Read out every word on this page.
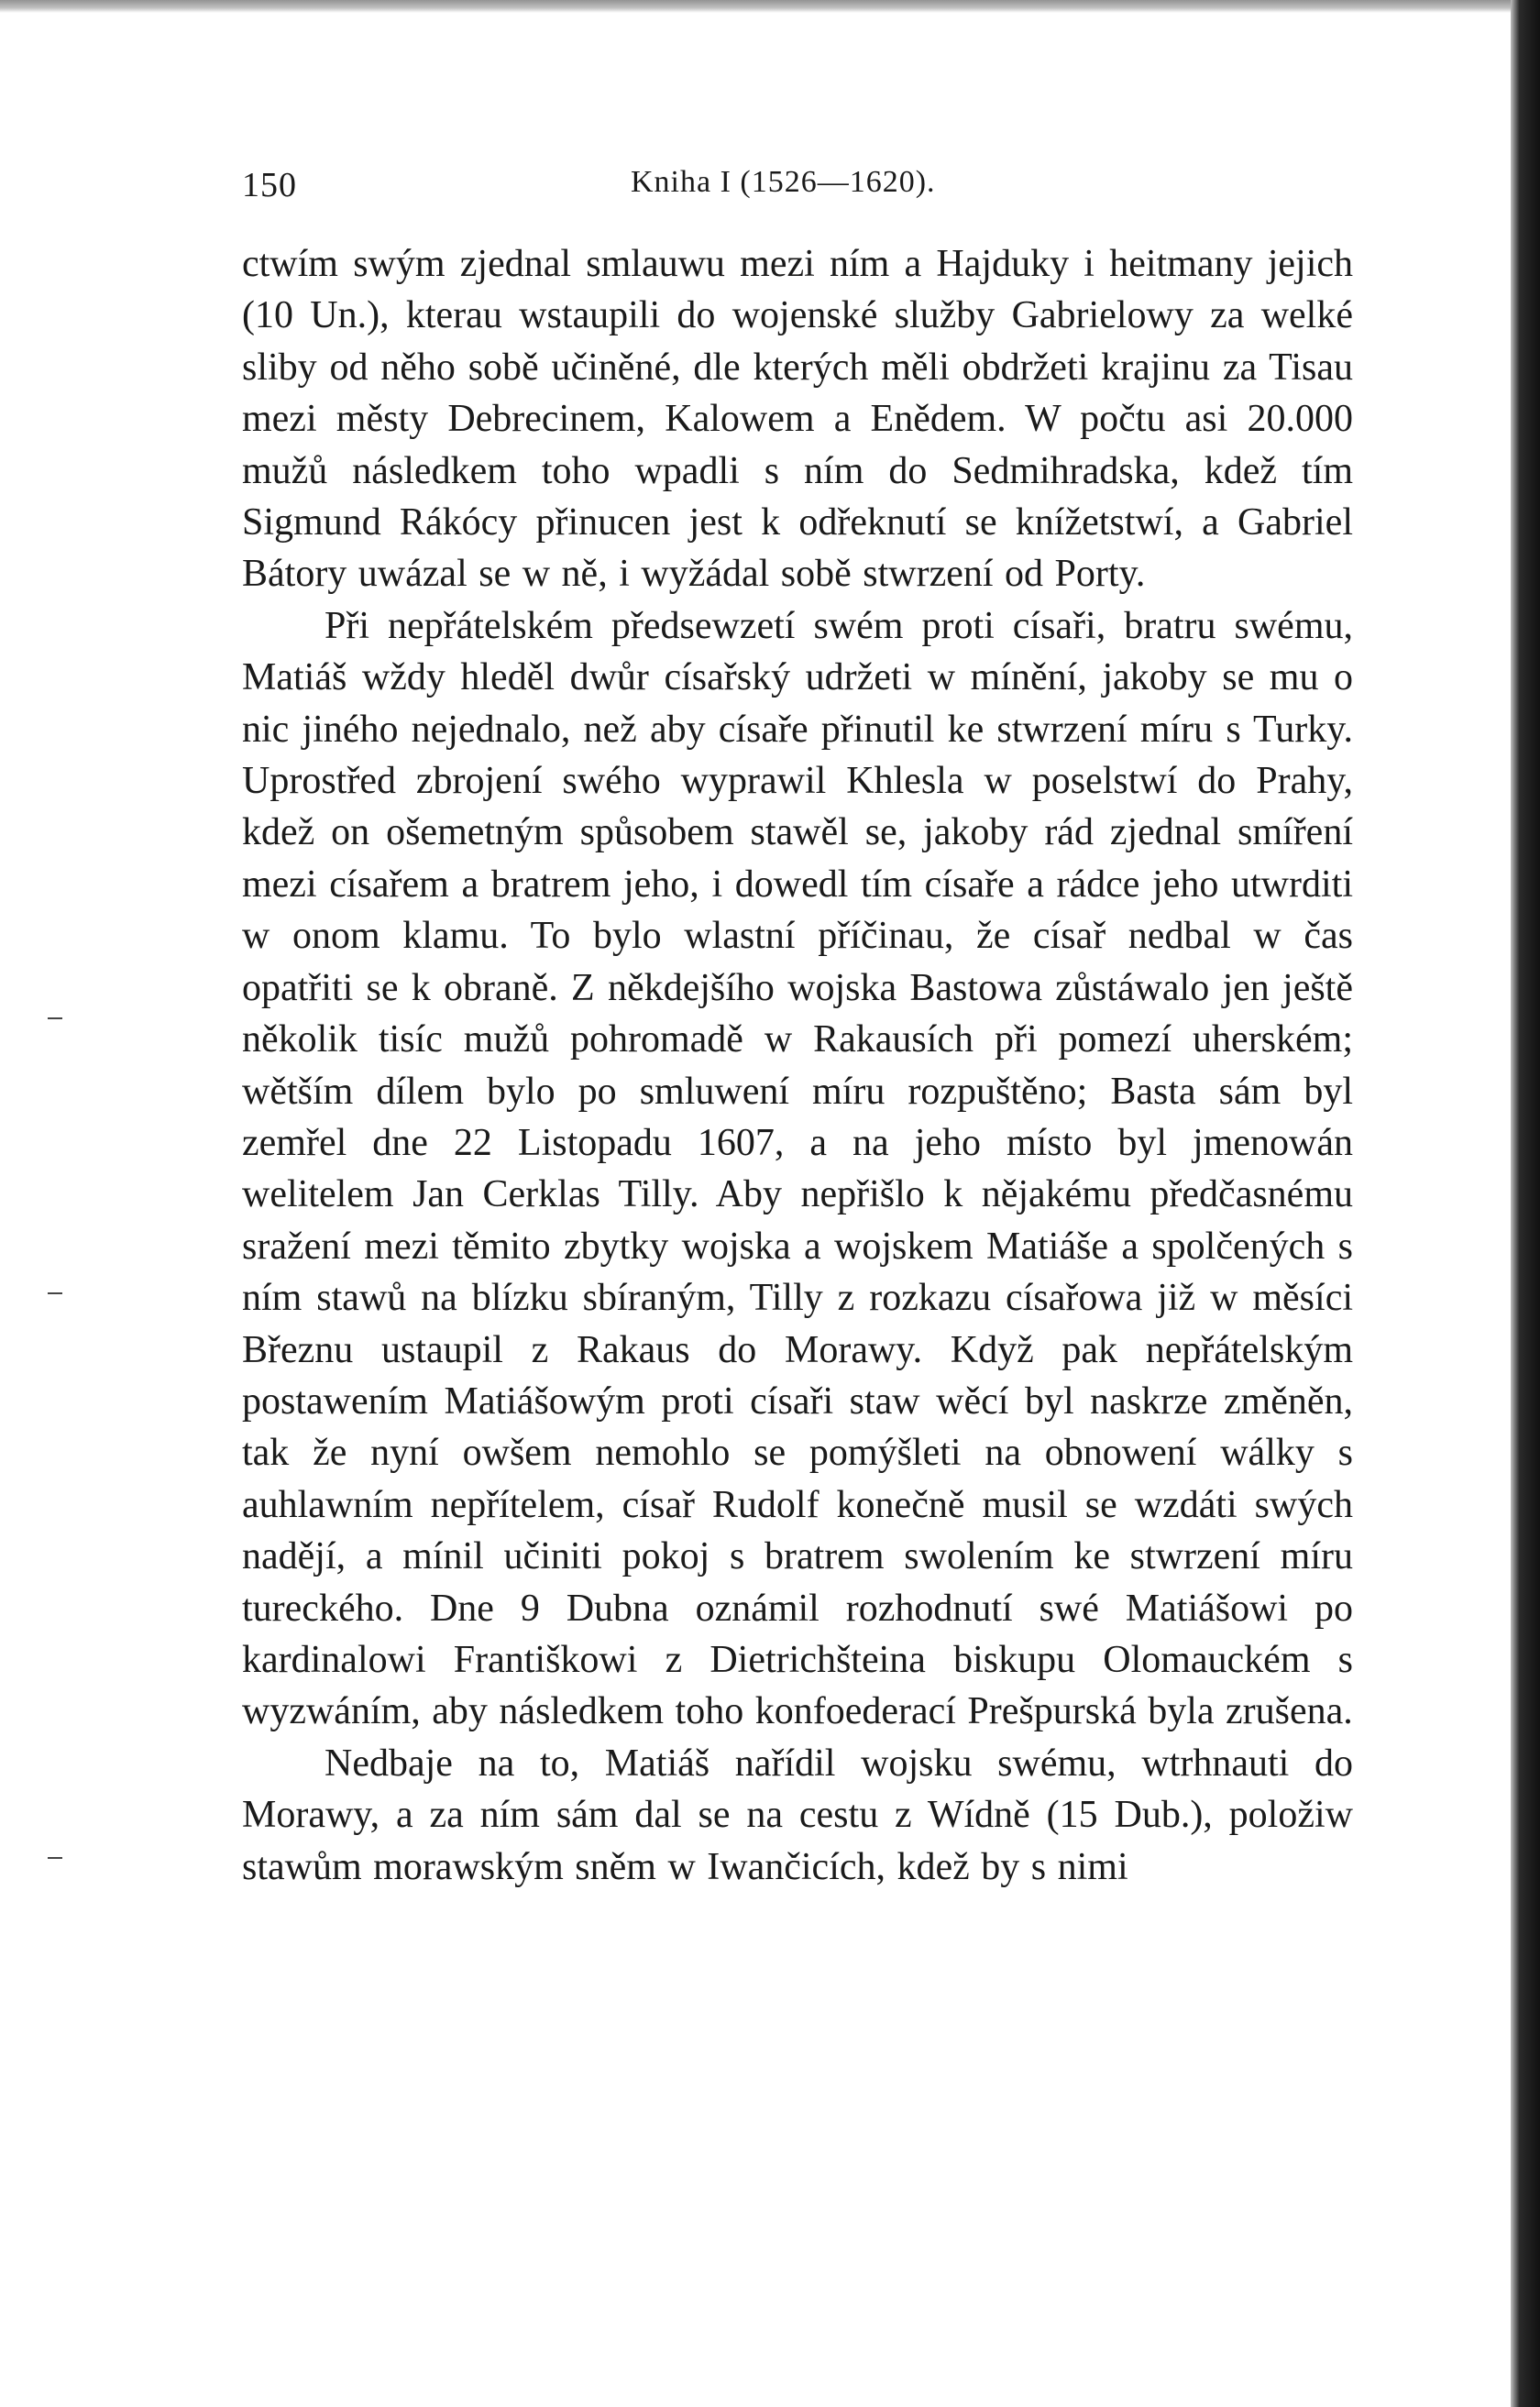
150	Kniha I (1526—1620).

ctwím swým zjednal smlauwu mezi ním a Hajduky i heitmany jejich (10 Un.), kterau wstaupili do wojenské služby Gabrielowy za welké sliby od něho sobě učiněné, dle kterých měli obdržeti krajinu za Tisau mezi městy Debrecinem, Kalowem a Enědem. W počtu asi 20.000 mužů následkem toho wpadli s ním do Sedmihradska, kdež tím Sigmund Rákócy přinucen jest k odřeknutí se knížetstwí, a Gabriel Bátory uwázal se w ně, i wyžádal sobě stwrzení od Porty.

Při nepřátelském předsewzetí swém proti císaři, bratru swému, Matiáš wždy hleděl dwůr císařský udržeti w mínění, jakoby se mu o nic jiného nejednalo, než aby císaře přinutil ke stwrzení míru s Turky. Uprostřed zbrojení swého wyprawil Khlesla w poselstwí do Prahy, kdež on ošemetným spůsobem stawěl se, jakoby rád zjednal smíření mezi císařem a bratrem jeho, i dowedl tím císaře a rádce jeho utwrditi w onom klamu. To bylo wlastní příčinau, že císař nedbal w čas opatřiti se k obraně. Z někdejšího wojska Bastowa zůstáwalo jen ještě několik tisíc mužů pohromadě w Rakausích při pomezí uherském; wětším dílem bylo po smluwení míru rozpuštěno; Basta sám byl zemřel dne 22 Listopadu 1607, a na jeho místo byl jmenowán welitelem Jan Cerklas Tilly. Aby nepřišlo k nějakému předčasnému sražení mezi těmito zbytky wojska a wojskem Matiáše a spolčených s ním stawů na blízku sbíraným, Tilly z rozkazu císařowa již w měsíci Březnu ustaupil z Rakaus do Morawy. Když pak nepřátelským postawením Matiášowým proti císaři staw wěcí byl naskrze změněn, tak že nyní owšem nemohlo se pomýšleti na obnowení wálky s auhlawním nepřítelem, císař Rudolf konečně musil se wzdáti swých nadějí, a mínil učiniti pokoj s bratrem swolením ke stwrzení míru tureckého. Dne 9 Dubna oznámil rozhodnutí swé Matiášowi po kardinalowi Františkowi z Dietrichšteina biskupu Olomauckém s wyzwáním, aby následkem toho konfoederací Prešpurská byla zrušena.

Nedbaje na to, Matiáš nařídil wojsku swému, wtrhnauti do Morawy, a za ním sám dal se na cestu z Wídně (15 Dub.), položiw stawům morawským sněm w Iwančicích, kdež by s nimi
